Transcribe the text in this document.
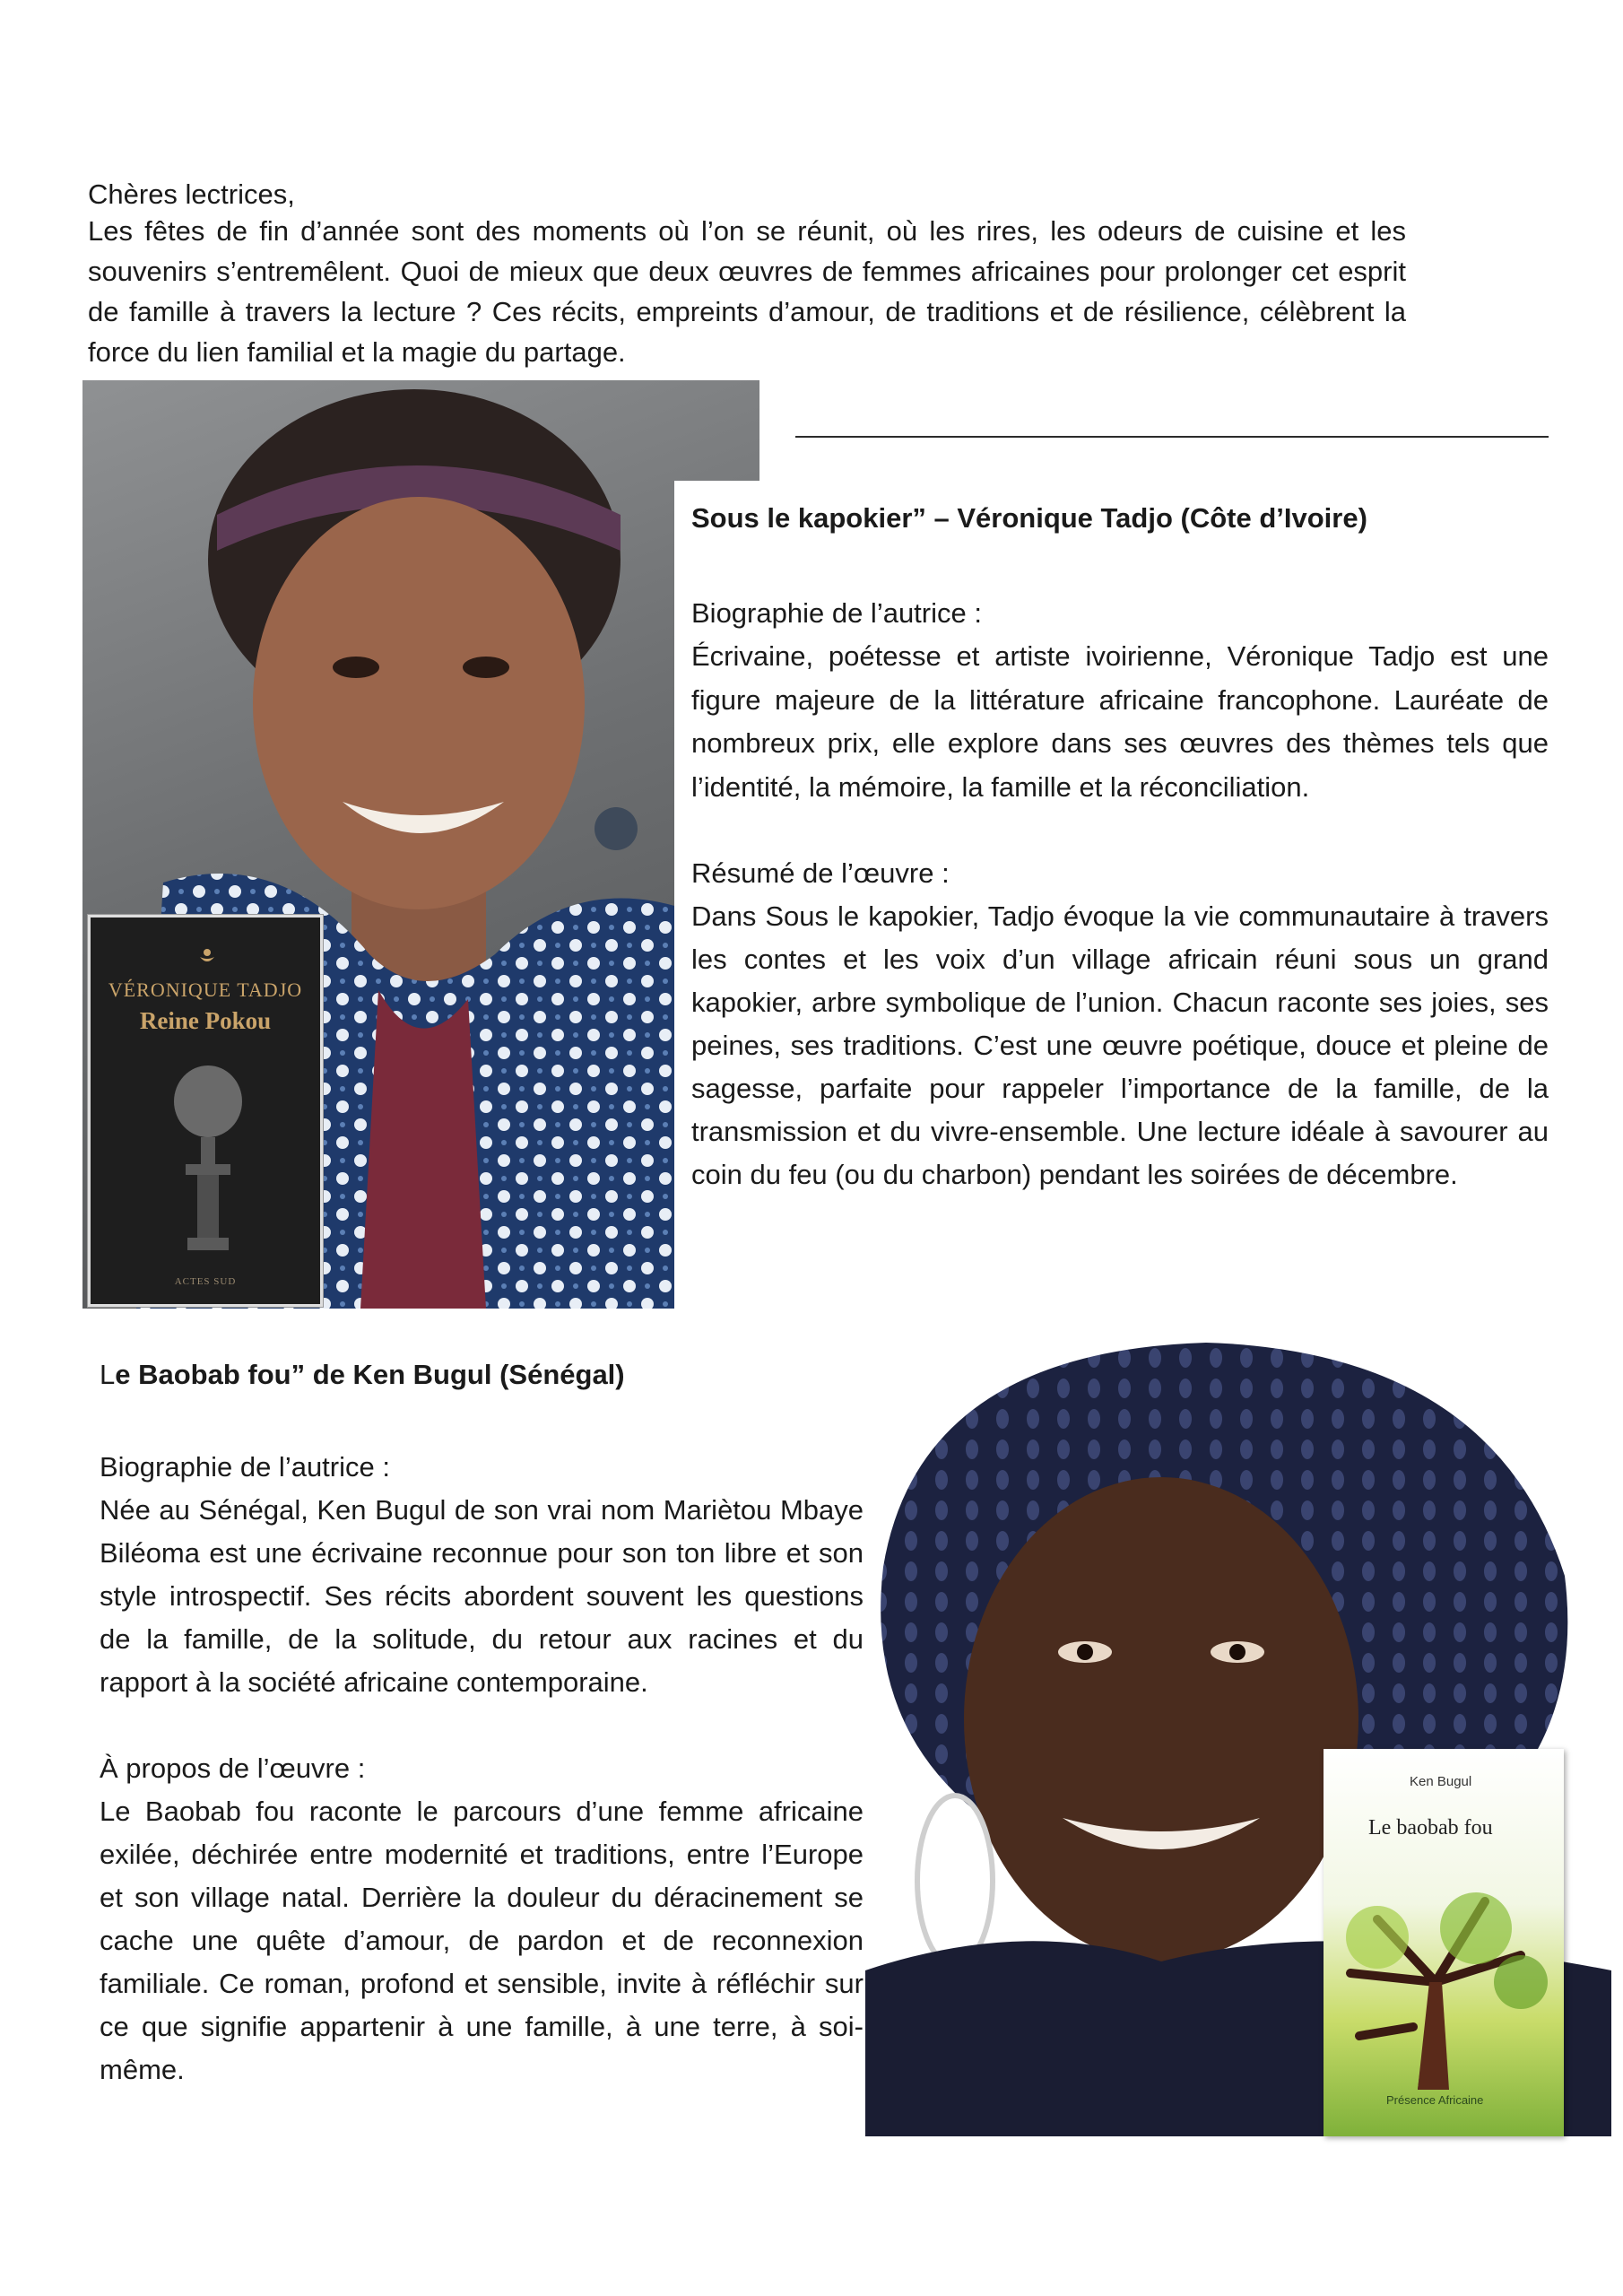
Chères lectrices,
Les fêtes de fin d’année sont des moments où l’on se réunit, où les rires, les odeurs de cuisine et les souvenirs s’entremêlent. Quoi de mieux que deux œuvres de femmes africaines pour prolonger cet esprit de famille à travers la lecture ? Ces récits, empreints d’amour, de traditions et de résilience, célèbrent la force du lien familial et la magie du partage.
VÉRONIQUE TADJO
Reine Pokou
ACTES SUD
Sous le kapokier” – Véronique Tadjo (Côte d’Ivoire)
Biographie de l’autrice :
Écrivaine, poétesse et artiste ivoirienne, Véronique Tadjo est une figure majeure de la littérature africaine francophone. Lauréate de nombreux prix, elle explore dans ses œuvres des thèmes tels que l’identité, la mémoire, la famille et la réconciliation.
Résumé de l’œuvre :
Dans Sous le kapokier, Tadjo évoque la vie communautaire à travers les contes et les voix d’un village africain réuni sous un grand kapokier, arbre symbolique de l’union. Chacun raconte ses joies, ses peines, ses traditions. C’est une œuvre poétique, douce et pleine de sagesse, parfaite pour rappeler l’importance de la famille, de la transmission et du vivre-ensemble. Une lecture idéale à savourer au coin du feu (ou du charbon) pendant les soirées de décembre.
Le Baobab fou” de Ken Bugul (Sénégal)
Biographie de l’autrice :
Née au Sénégal, Ken Bugul de son vrai nom Mariètou Mbaye Biléoma est une écrivaine reconnue pour son ton libre et son style introspectif. Ses récits abordent souvent les questions de la famille, de la solitude, du retour aux racines et du rapport à la société africaine contemporaine.
À propos de l’œuvre :
Le Baobab fou raconte le parcours d’une femme africaine exilée, déchirée entre modernité et traditions, entre l’Europe et son village natal. Derrière la douleur du déracinement se cache une quête d’amour, de pardon et de reconnexion familiale. Ce roman, profond et sensible, invite à réfléchir sur ce que signifie appartenir à une famille, à une terre, à soi-même.
Ken Bugul
Le baobab fou
Présence Africaine
